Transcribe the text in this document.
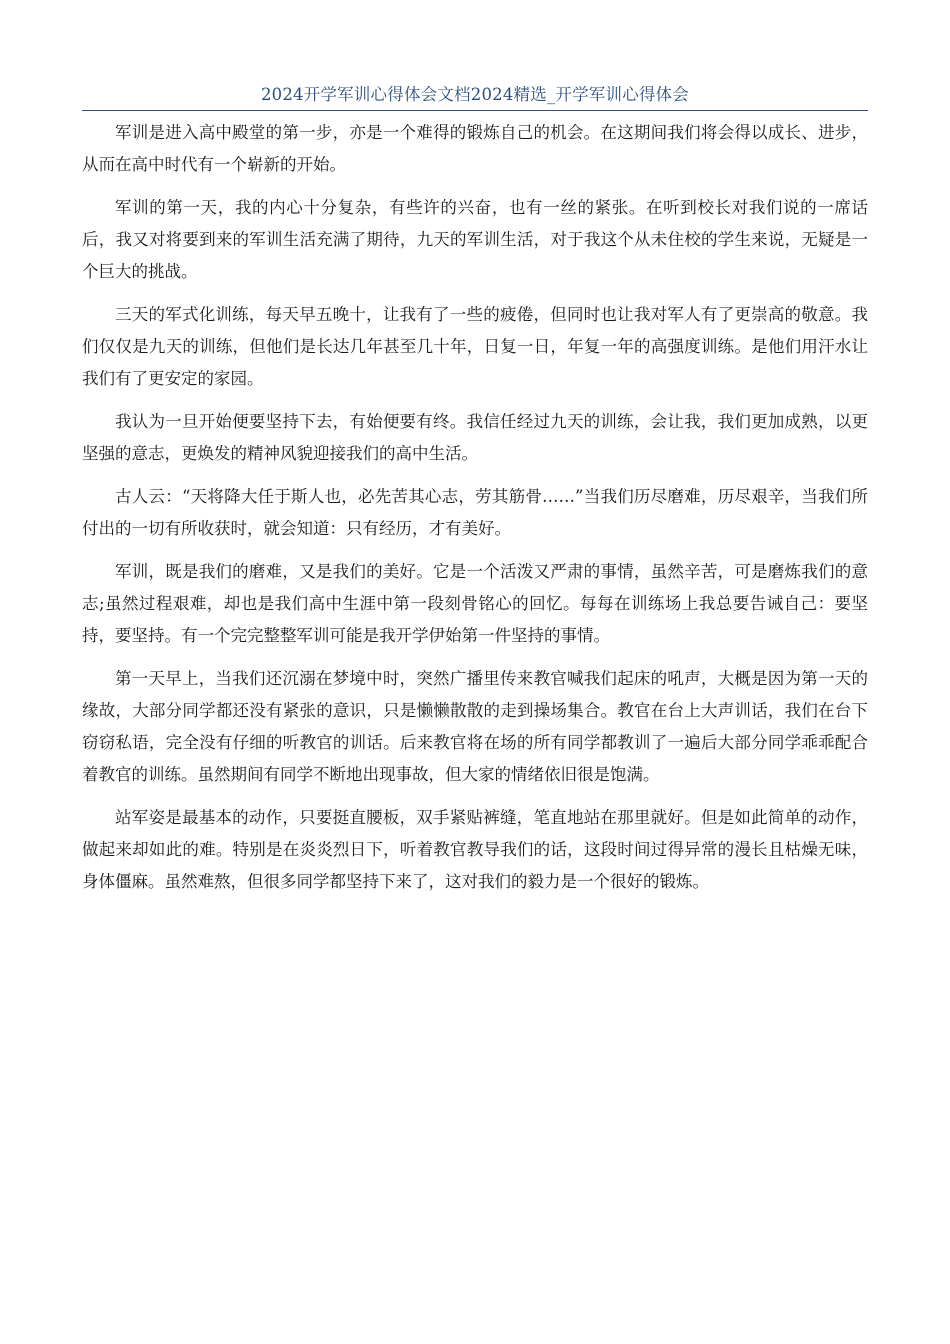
2024开学军训心得体会文档2024精选_开学军训心得体会

军训是进入高中殿堂的第一步，亦是一个难得的锻炼自己的机会。在这期间我们将会得以成长、进步，从而在高中时代有一个崭新的开始。

军训的第一天，我的内心十分复杂，有些许的兴奋，也有一丝的紧张。在听到校长对我们说的一席话后，我又对将要到来的军训生活充满了期待，九天的军训生活，对于我这个从未住校的学生来说，无疑是一个巨大的挑战。

三天的军式化训练，每天早五晚十，让我有了一些的疲倦，但同时也让我对军人有了更崇高的敬意。我们仅仅是九天的训练，但他们是长达几年甚至几十年，日复一日，年复一年的高强度训练。是他们用汗水让我们有了更安定的家园。

我认为一旦开始便要坚持下去，有始便要有终。我信任经过九天的训练，会让我，我们更加成熟，以更坚强的意志，更焕发的精神风貌迎接我们的高中生活。

古人云：“天将降大任于斯人也，必先苦其心志，劳其筋骨……”当我们历尽磨难，历尽艰辛，当我们所付出的一切有所收获时，就会知道：只有经历，才有美好。

军训，既是我们的磨难，又是我们的美好。它是一个活泼又严肃的事情，虽然辛苦，可是磨炼我们的意志;虽然过程艰难，却也是我们高中生涯中第一段刻骨铭心的回忆。每每在训练场上我总要告诫自己：要坚持，要坚持。有一个完完整整军训可能是我开学伊始第一件坚持的事情。

第一天早上，当我们还沉溺在梦境中时，突然广播里传来教官喊我们起床的吼声，大概是因为第一天的缘故，大部分同学都还没有紧张的意识，只是懒懒散散的走到操场集合。教官在台上大声训话，我们在台下窃窃私语，完全没有仔细的听教官的训话。后来教官将在场的所有同学都教训了一遍后大部分同学乖乖配合着教官的训练。虽然期间有同学不断地出现事故，但大家的情绪依旧很是饱满。

站军姿是最基本的动作，只要挺直腰板，双手紧贴裤缝，笔直地站在那里就好。但是如此简单的动作，做起来却如此的难。特别是在炎炎烈日下，听着教官教导我们的话，这段时间过得异常的漫长且枯燥无味，身体僵麻。虽然难熬，但很多同学都坚持下来了，这对我们的毅力是一个很好的锻炼。
